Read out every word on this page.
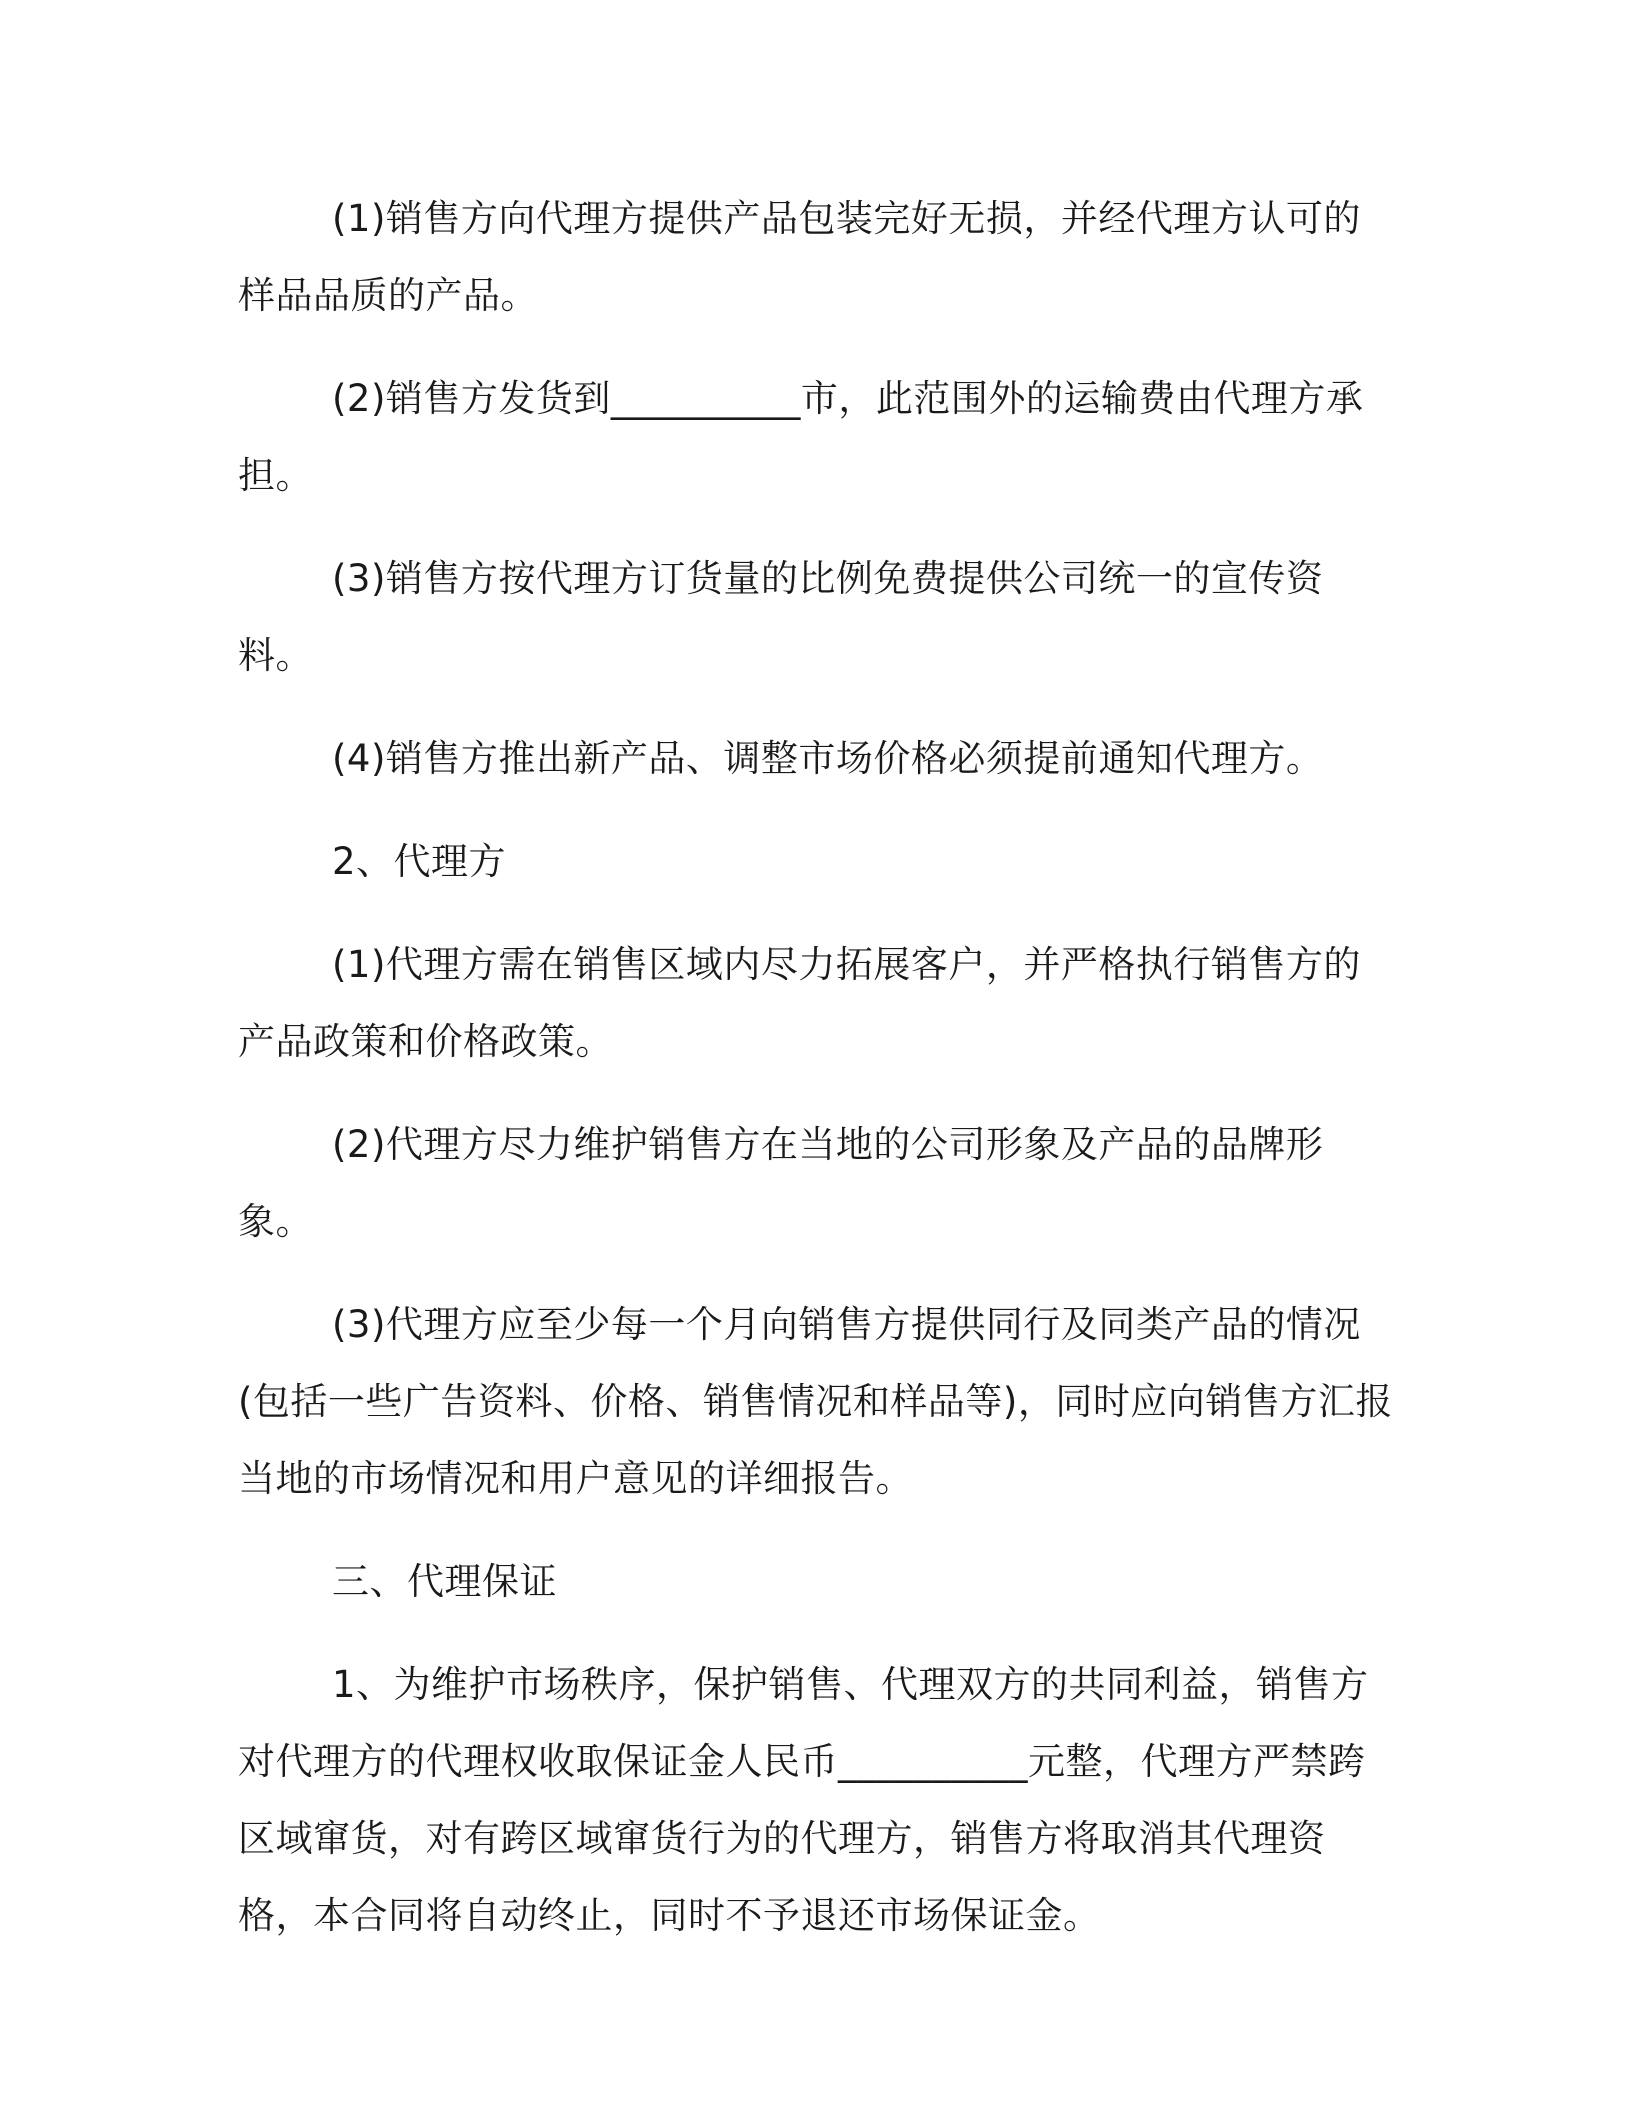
(1)销售方向代理方提供产品包装完好无损，并经代理方认可的样品品质的产品。

(2)销售方发货到__________市，此范围外的运输费由代理方承担。

(3)销售方按代理方订货量的比例免费提供公司统一的宣传资料。

(4)销售方推出新产品、调整市场价格必须提前通知代理方。

2、代理方

(1)代理方需在销售区域内尽力拓展客户，并严格执行销售方的产品政策和价格政策。

(2)代理方尽力维护销售方在当地的公司形象及产品的品牌形象。

(3)代理方应至少每一个月向销售方提供同行及同类产品的情况(包括一些广告资料、价格、销售情况和样品等)，同时应向销售方汇报当地的市场情况和用户意见的详细报告。

三、代理保证

1、为维护市场秩序，保护销售、代理双方的共同利益，销售方对代理方的代理权收取保证金人民币__________元整，代理方严禁跨区域窜货，对有跨区域窜货行为的代理方，销售方将取消其代理资格，本合同将自动终止，同时不予退还市场保证金。
